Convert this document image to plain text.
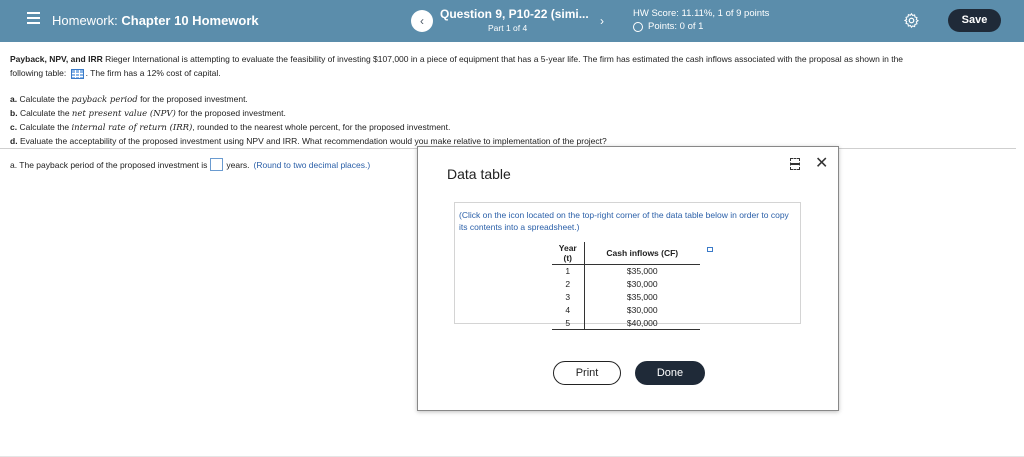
Homework: Chapter 10 Homework	‹	Question 9, P10-22 (simi...
Part 1 of 4	›
HW Score: 11.11%, 1 of 9 points
Points: 0 of 1
Save
Payback, NPV, and IRR Rieger International is attempting to evaluate the feasibility of investing $107,000 in a piece of equipment that has a 5-year life. The firm has estimated the cash inflows associated with the proposal as shown in the
following table: . The firm has a 12% cost of capital.
a. Calculate the payback period for the proposed investment.
b. Calculate the net present value (NPV) for the proposed investment.
c. Calculate the internal rate of return (IRR), rounded to the nearest whole percent, for the proposed investment.
d. Evaluate the acceptability of the proposed investment using NPV and IRR. What recommendation would you make relative to implementation of the project?
a. The payback period of the proposed investment is years. (Round to two decimal places.)
Data table
✕
(Click on the icon located on the top-right corner of the data table below in order to copy its contents into a spreadsheet.)
Year (t)	Cash inflows (CF)
1	$35,000
2	$30,000
3	$35,000
4	$30,000
5	$40,000
Print	Done
